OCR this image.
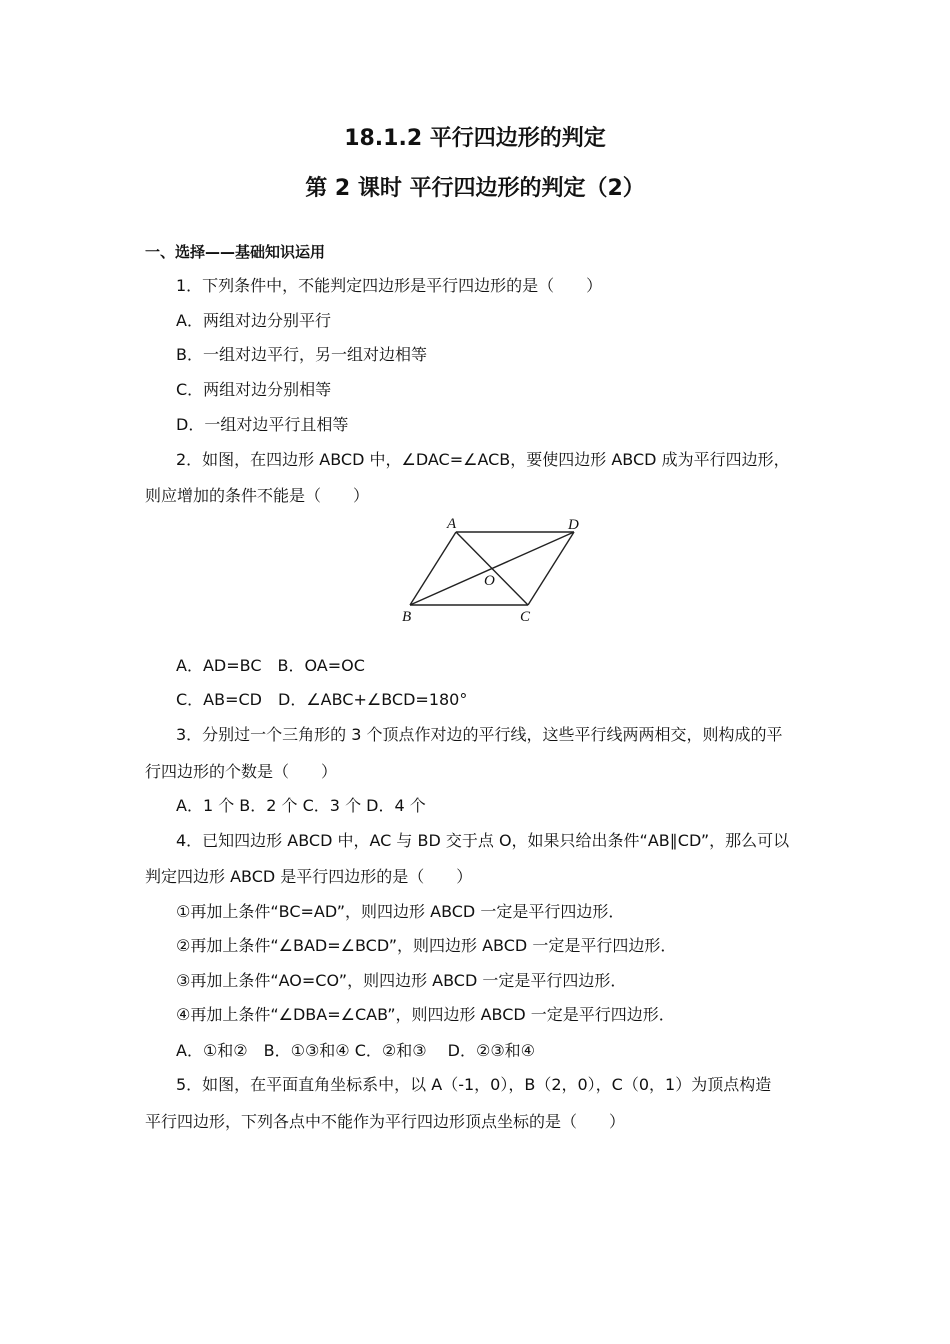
18.1.2 平行四边形的判定
第 2 课时 平行四边形的判定（2）
一、选择——基础知识运用
1．下列条件中，不能判定四边形是平行四边形的是（　　）
A．两组对边分别平行
B．一组对边平行，另一组对边相等
C．两组对边分别相等
D．一组对边平行且相等
2．如图，在四边形 ABCD 中，∠DAC=∠ACB，要使四边形 ABCD 成为平行四边形，
则应增加的条件不能是（　　）
A	D
O
B	C
A．AD=BC　B．OA=OC
C．AB=CD　D．∠ABC+∠BCD=180°
3．分别过一个三角形的 3 个顶点作对边的平行线，这些平行线两两相交，则构成的平
行四边形的个数是（　　）
A．1 个 B．2 个 C．3 个 D．4 个
4．已知四边形 ABCD 中，AC 与 BD 交于点 O，如果只给出条件“AB∥CD”，那么可以
判定四边形 ABCD 是平行四边形的是（　　）
①再加上条件“BC=AD”，则四边形 ABCD 一定是平行四边形．
②再加上条件“∠BAD=∠BCD”，则四边形 ABCD 一定是平行四边形．
③再加上条件“AO=CO”，则四边形 ABCD 一定是平行四边形．
④再加上条件“∠DBA=∠CAB”，则四边形 ABCD 一定是平行四边形．
A．①和②　B．①③和④ C．②和③　 D．②③和④
5．如图，在平面直角坐标系中，以 A（-1，0），B（2，0），C（0，1）为顶点构造
平行四边形，下列各点中不能作为平行四边形顶点坐标的是（　　）
